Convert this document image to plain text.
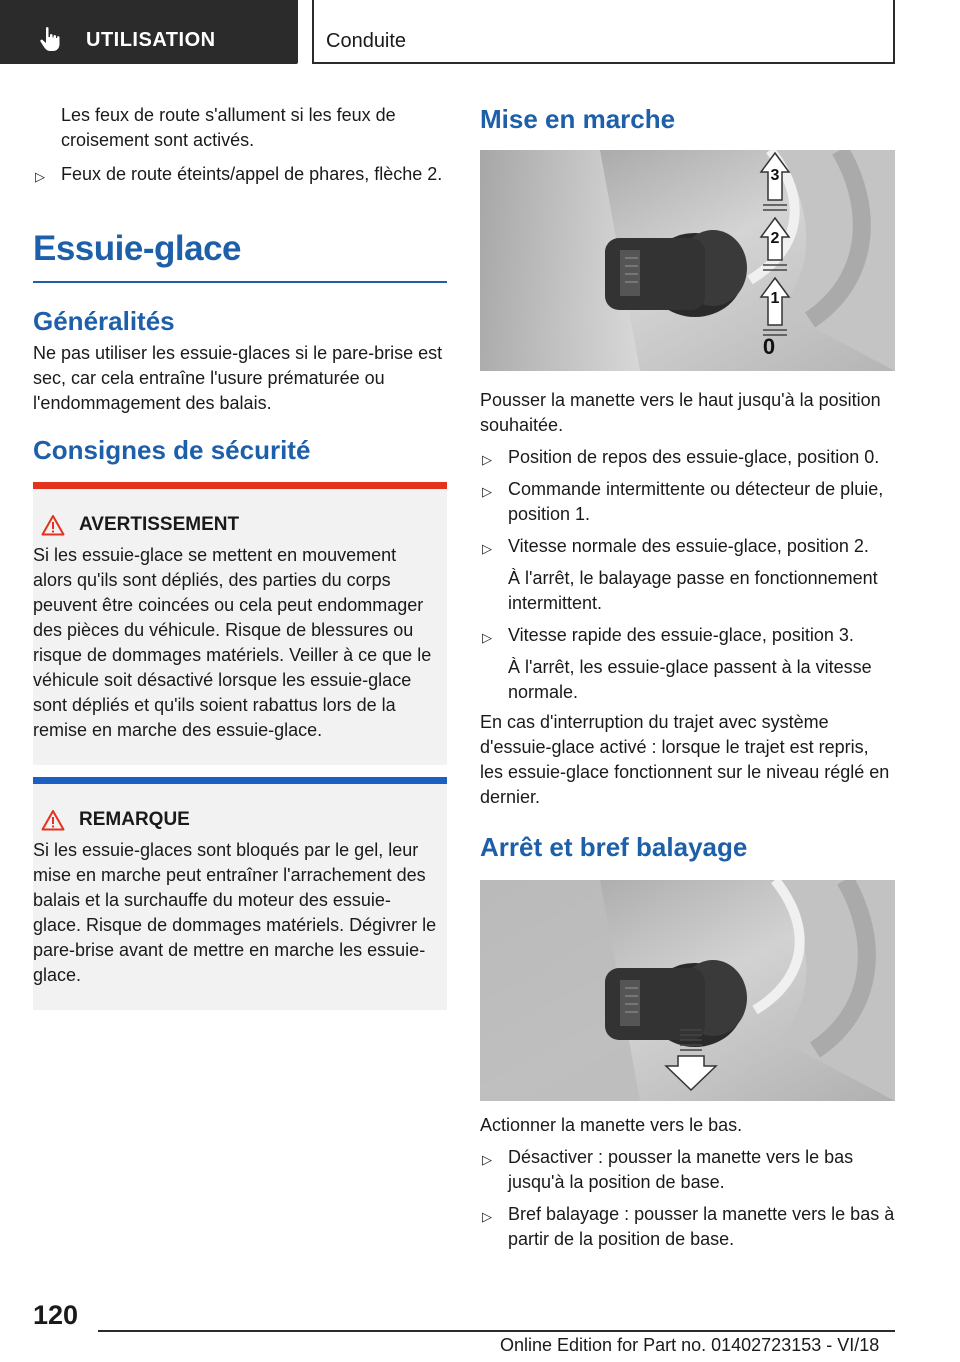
UTILISATION	Conduite

Les feux de route s'allument si les feux de croisement sont activés.

▷ Feux de route éteints/appel de phares, flèche 2.
Essuie-glace
Généralités

Ne pas utiliser les essuie-glaces si le pare-brise est sec, car cela entraîne l'usure prématurée ou l'endommagement des balais.

Consignes de sécurité
AVERTISSEMENT
Si les essuie-glace se mettent en mouvement alors qu'ils sont dépliés, des parties du corps peuvent être coincées ou cela peut endommager des pièces du véhicule. Risque de blessures ou risque de dommages matériels. Veiller à ce que le véhicule soit désactivé lorsque les essuie-glace sont dépliés et qu'ils soient rabattus lors de la remise en marche des essuie-glace.
REMARQUE
Si les essuie-glaces sont bloqués par le gel, leur mise en marche peut entraîner l'arrachement des balais et la surchauffe du moteur des essuie-glace. Risque de dommages matériels. Dégivrer le pare-brise avant de mettre en marche les essuie-glace.
Mise en marche
3
2
1
0

Pousser la manette vers le haut jusqu'à la position souhaitée.

▷ Position de repos des essuie-glace, position 0.
▷ Commande intermittente ou détecteur de pluie, position 1.
▷ Vitesse normale des essuie-glace, position 2.
À l'arrêt, le balayage passe en fonctionnement intermittent.
▷ Vitesse rapide des essuie-glace, position 3.
À l'arrêt, les essuie-glace passent à la vitesse normale.

En cas d'interruption du trajet avec système d'essuie-glace activé : lorsque le trajet est repris, les essuie-glace fonctionnent sur le niveau réglé en dernier.

Arrêt et bref balayage

Actionner la manette vers le bas.

▷ Désactiver : pousser la manette vers le bas jusqu'à la position de base.
▷ Bref balayage : pousser la manette vers le bas à partir de la position de base.
120
Online Edition for Part no. 01402723153 - VI/18
